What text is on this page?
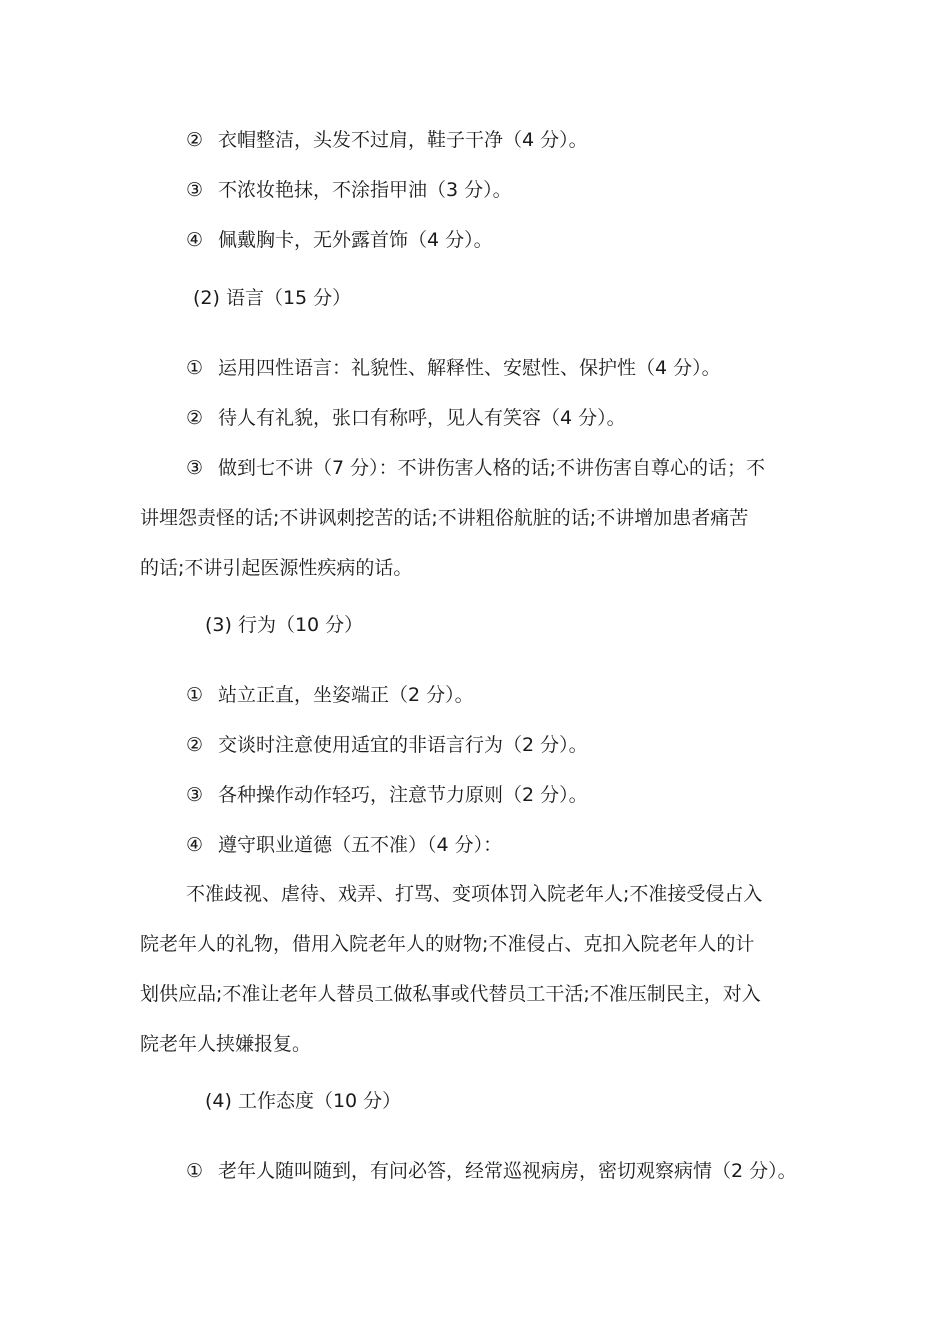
② 衣帽整洁，头发不过肩，鞋子干净（4 分）。
③ 不浓妆艳抹，不涂指甲油（3 分）。
④ 佩戴胸卡，无外露首饰（4 分）。
(2) 语言（15 分）
① 运用四性语言：礼貌性、解释性、安慰性、保护性（4 分）。
② 待人有礼貌，张口有称呼，见人有笑容（4 分）。
③ 做到七不讲（7 分）：不讲伤害人格的话;不讲伤害自尊心的话；不
讲埋怨责怪的话;不讲讽刺挖苦的话;不讲粗俗航脏的话;不讲增加患者痛苦
的话;不讲引起医源性疾病的话。
(3) 行为（10 分）
① 站立正直，坐姿端正（2 分）。
② 交谈时注意使用适宜的非语言行为（2 分）。
③ 各种操作动作轻巧，注意节力原则（2 分）。
④ 遵守职业道德（五不准）（4 分）：
不准歧视、虐待、戏弄、打骂、变项体罚入院老年人;不准接受侵占入
院老年人的礼物，借用入院老年人的财物;不准侵占、克扣入院老年人的计
划供应品;不准让老年人替员工做私事或代替员工干活;不准压制民主，对入
院老年人挟嫌报复。
(4) 工作态度（10 分）
① 老年人随叫随到，有问必答，经常巡视病房，密切观察病情（2 分）。
